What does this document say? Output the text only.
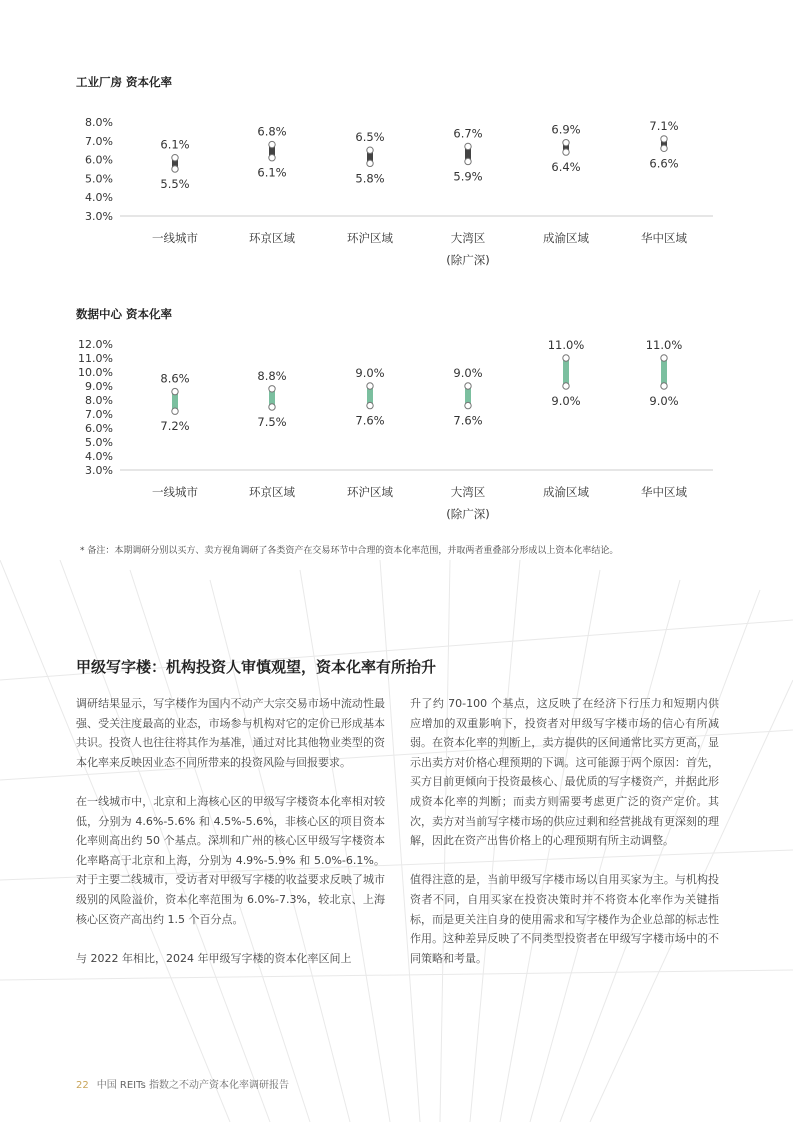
工业厂房 资本化率
8.0%
7.0%
6.0%
5.0%
4.0%
3.0%
6.1%
5.5%
一线城市
6.8%
6.1%
环京区域
6.5%
5.8%
环沪区域
6.7%
5.9%
大湾区
(除广深)
6.9%
6.4%
成渝区域
7.1%
6.6%
华中区域
数据中心 资本化率
12.0%
11.0%
10.0%
9.0%
8.0%
7.0%
6.0%
5.0%
4.0%
3.0%
8.6%
7.2%
一线城市
8.8%
7.5%
环京区域
9.0%
7.6%
环沪区域
9.0%
7.6%
大湾区
(除广深)
11.0%
9.0%
成渝区域
11.0%
9.0%
华中区域
* 备注：本期调研分别以买方、卖方视角调研了各类资产在交易环节中合理的资本化率范围，并取两者重叠部分形成以上资本化率结论。
甲级写字楼：机构投资人审慎观望，资本化率有所抬升

调研结果显示，写字楼作为国内不动产大宗交易市场中流动性最强、受关注度最高的业态，市场参与机构对它的定价已形成基本共识。投资人也往往将其作为基准，通过对比其他物业类型的资本化率来反映因业态不同所带来的投资风险与回报要求。

在一线城市中，北京和上海核心区的甲级写字楼资本化率相对较低，分别为 4.6%-5.6% 和 4.5%-5.6%，非核心区的项目资本化率则高出约 50 个基点。深圳和广州的核心区甲级写字楼资本化率略高于北京和上海，分别为 4.9%-5.9% 和 5.0%-6.1%。对于主要二线城市，受访者对甲级写字楼的收益要求反映了城市级别的风险溢价，资本化率范围为 6.0%-7.3%，较北京、上海核心区资产高出约 1.5 个百分点。

与 2022 年相比，2024 年甲级写字楼的资本化率区间上

升了约 70-100 个基点，这反映了在经济下行压力和短期内供应增加的双重影响下，投资者对甲级写字楼市场的信心有所减弱。在资本化率的判断上，卖方提供的区间通常比买方更高，显示出卖方对价格心理预期的下调。这可能源于两个原因：首先，买方目前更倾向于投资最核心、最优质的写字楼资产，并据此形成资本化率的判断；而卖方则需要考虑更广泛的资产定价。其次，卖方对当前写字楼市场的供应过剩和经营挑战有更深刻的理解，因此在资产出售价格上的心理预期有所主动调整。

值得注意的是，当前甲级写字楼市场以自用买家为主。与机构投资者不同，自用买家在投资决策时并不将资本化率作为关键指标，而是更关注自身的使用需求和写字楼作为企业总部的标志性作用。这种差异反映了不同类型投资者在甲级写字楼市场中的不同策略和考量。

22 中国 REITs 指数之不动产资本化率调研报告
